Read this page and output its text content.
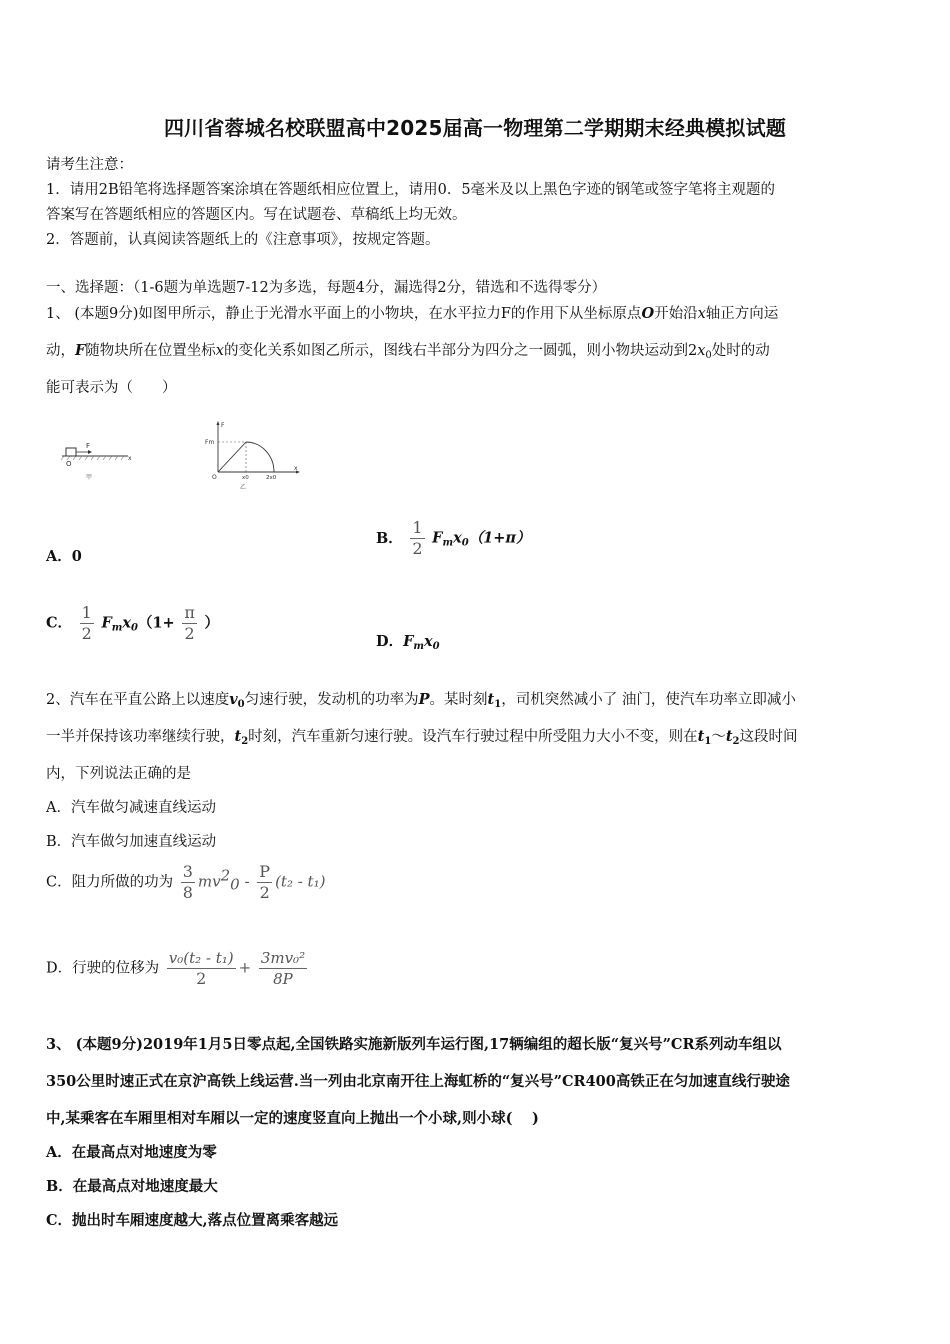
四川省蓉城名校联盟高中2025届高一物理第二学期期末经典模拟试题
请考生注意：
1．请用2B铅笔将选择题答案涂填在答题纸相应位置上，请用0．5毫米及以上黑色字迹的钢笔或签字笔将主观题的
答案写在答题纸相应的答题区内。写在试题卷、草稿纸上均无效。
2．答题前，认真阅读答题纸上的《注意事项》，按规定答题。
一、选择题：（1-6题为单选题7-12为多选，每题4分，漏选得2分，错选和不选得零分）
1、 (本题9分)如图甲所示，静止于光滑水平面上的小物块，在水平拉力F的作用下从坐标原点O开始沿x轴正方向运
动，F随物块所在位置坐标x的变化关系如图乙所示，图线右半部分为四分之一圆弧，则小物块运动到$2x_0$处时的动
能可表示为（　　）
F
x
O
甲
F
x
Fm
O	x0	2x0
乙
A．0
B． $\frac{1}{2} F_mx_0(1+\pi)$
C． $\frac{1}{2} F_mx_0(1+ \frac{\pi}{2}$ ）
D．$F_mx_0$
2、汽车在平直公路上以速度$v_0$匀速行驶，发动机的功率为P。某时刻$t_1$，司机突然减小了 油门，使汽车功率立即减小
一半并保持该功率继续行驶，$t_2$时刻，汽车重新匀速行驶。设汽车行驶过程中所受阻力大小不变，则在$t_1\sim t_2$这段时间
内，下列说法正确的是
A．汽车做匀减速直线运动
B．汽车做匀加速直线运动
C．阻力所做的功为 $\frac{3}{8} mv^2_0 - \frac{P}{2} (t_2 - t_1)$
D．行驶的位移为 $\frac{\text{v₀(t₂ - t₁)}}{2} + \frac{\text{3mv₀²}}{8P}$
3、 (本题9分)2019年1月5日零点起,全国铁路实施新版列车运行图,17辆编组的超长版“复兴号”CR系列动车组以
350公里时速正式在京沪高铁上线运营.当一列由北京南开往上海虹桥的“复兴号”CR400高铁正在匀加速直线行驶途
中,某乘客在车厢里相对车厢以一定的速度竖直向上抛出一个小球,则小球(　 )
A．在最高点对地速度为零
B．在最高点对地速度最大
C．抛出时车厢速度越大,落点位置离乘客越远
